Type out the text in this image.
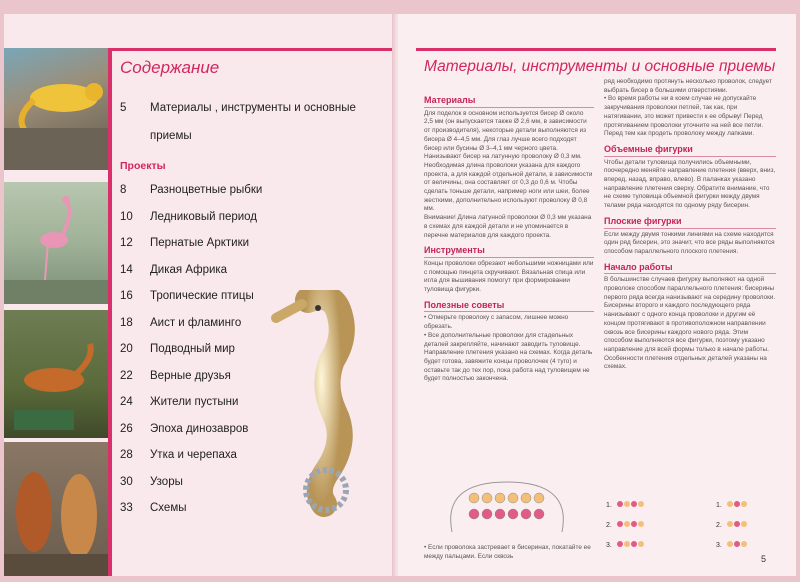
Содержание
5 Материалы , инструменты и основные
приемы
Проекты
8 Разноцветные рыбки
10 Ледниковый период
12 Пернатые Арктики
14 Дикая Африка
16 Тропические птицы
18 Аист и фламинго
20 Подводный мир
22 Верные друзья
24 Жители пустыни
26 Эпоха динозавров
28 Утка и черепаха
30 Узоры
33 Схемы
Материалы, инструменты и основные приемы
Материалы

Для поделок в основном используется бисер Ø около 2,5 мм (он выпускается также Ø 2,6 мм, в зависимости от производителя), некоторые детали выполняются из бисера Ø 4–4,5 мм. Для глаз лучше всего подходят бисер или бусины Ø 3–4,1 мм черного цвета.

Нанизывают бисер на латунную проволоку Ø 0,3 мм. Необходимая длина проволоки указана для каждого проекта, а для каждой отдельной детали, в зависимости от величины, она составляет от 0,3 до 0,6 м. Чтобы сделать тоньше детали, например ноги или шеи, более жесткими, дополнительно используют проволоку Ø 0,8 мм.

Внимание! Длина латунной проволоки Ø 0,3 мм указана в схемах для каждой детали и не упоминается в перечне материалов для каждого проекта.

Инструменты

Концы проволоки обрезают небольшими ножницами или с помощью пинцета скручивают. Вязальная спица или игла для вышивания помогут при формировании туловища фигурки.

Полезные советы

• Отмерьте проволоку с запасом, лишнее можно обрезать.

• Все дополнительные проволоки для стадельных деталей закрепляйте, начинают заводить туловище. Направление плетения указано на схемах. Когда деталь будет готова, завяжите концы проволочек (4 туго) и оставьте так до тех пор, пока работа над туловищем не будет полностью закончена.

• Если проволока застревает в бисеринах, покатайте ее между пальцами. Если сквозь

ряд необходимо протянуть несколько проволок, следует выбрать бисер в большими отверстиями.

• Во время работы ни в коем случае не допускайте закручивания проволоки петлей, так как, при натягивании, это может привести к ее обрыву! Перед протягиванием проволоки уточните на ней все петли. Перед тем как продеть проволоку между лапками.

Объемные фигурки

Чтобы детали туловища получились объемными, поочередно меняйте направление плетения (вверх, вниз, вперед, назад, вправо, влево). В паланках указано направление плетения сверху. Обратите внимание, что не схеме туловища объемной фигурки между двумя телами ряда находятся по одному ряду бисерин.

Плоские фигурки

Если между двумя тонкими линиями на схеме находится один ряд бисерин, это значит, что все ряды выполняются способом параллельного плоского плетения.

Начало работы

В большинстве случаев фигурку выполняют на одной проволоке способом параллельного плетения: бисерины первого ряда всегда нанизывают на середину проволоки. Бисерины второго и каждого последующего ряда нанизывают с одного конца проволоки и другим её концом протягивают в противоположном направлении сквозь все бисерины каждого нового ряда. Этим способом выполняются все фигурки, поэтому указано направление для всей формы только в начале работы. Особенности плетения отдельных деталей указаны на схемах.

1.
2.
3.
1.
2.
3.
5
